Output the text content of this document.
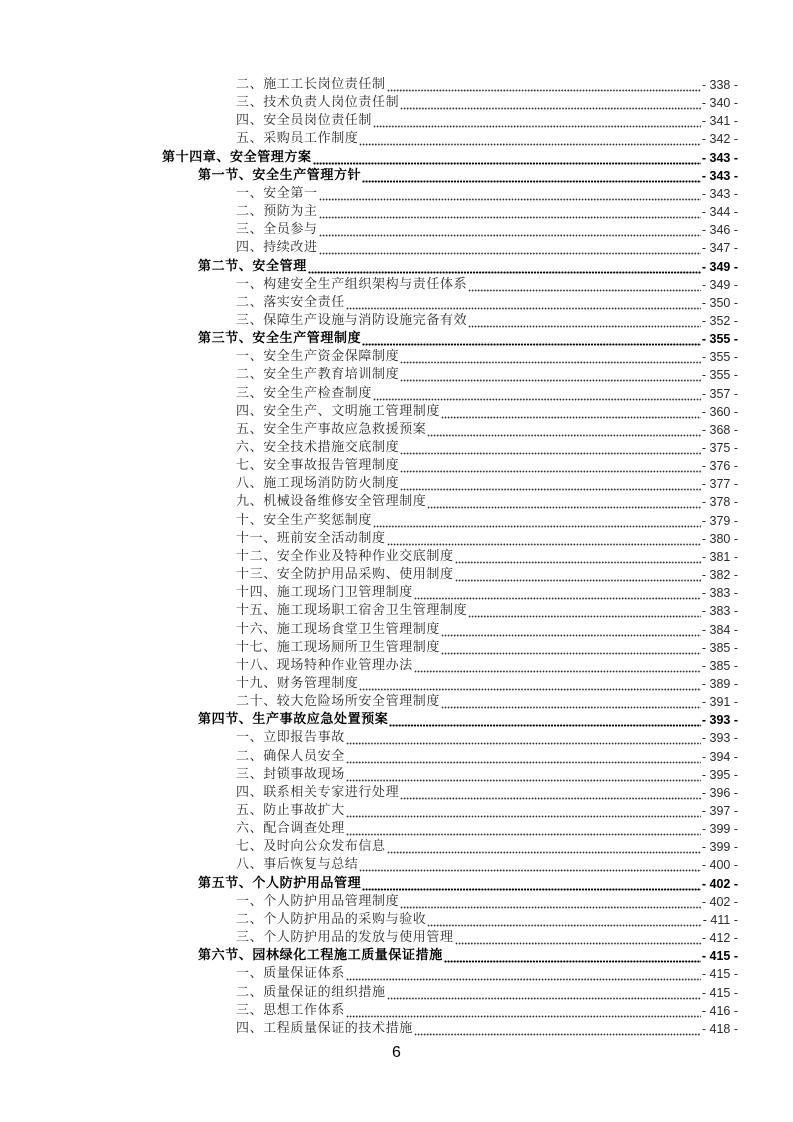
二、施工工长岗位责任制	- 338 -
三、技术负责人岗位责任制	- 340 -
四、安全员岗位责任制	- 341 -
五、采购员工作制度	- 342 -
第十四章、安全管理方案	- 343 -
第一节、安全生产管理方针	- 343 -
一、安全第一	- 343 -
二、预防为主	- 344 -
三、全员参与	- 346 -
四、持续改进	- 347 -
第二节、安全管理	- 349 -
一、构建安全生产组织架构与责任体系	- 349 -
二、落实安全责任	- 350 -
三、保障生产设施与消防设施完备有效	- 352 -
第三节、安全生产管理制度	- 355 -
一、安全生产资金保障制度	- 355 -
二、安全生产教育培训制度	- 355 -
三、安全生产检查制度	- 357 -
四、安全生产、文明施工管理制度	- 360 -
五、安全生产事故应急救援预案	- 368 -
六、安全技术措施交底制度	- 375 -
七、安全事故报告管理制度	- 376 -
八、施工现场消防防火制度	- 377 -
九、机械设备维修安全管理制度	- 378 -
十、安全生产奖惩制度	- 379 -
十一、班前安全活动制度	- 380 -
十二、安全作业及特种作业交底制度	- 381 -
十三、安全防护用品采购、使用制度	- 382 -
十四、施工现场门卫管理制度	- 383 -
十五、施工现场职工宿舍卫生管理制度	- 383 -
十六、施工现场食堂卫生管理制度	- 384 -
十七、施工现场厕所卫生管理制度	- 385 -
十八、现场特种作业管理办法	- 385 -
十九、财务管理制度	- 389 -
二十、较大危险场所安全管理制度	- 391 -
第四节、生产事故应急处置预案	- 393 -
一、立即报告事故	- 393 -
二、确保人员安全	- 394 -
三、封锁事故现场	- 395 -
四、联系相关专家进行处理	- 396 -
五、防止事故扩大	- 397 -
六、配合调查处理	- 399 -
七、及时向公众发布信息	- 399 -
八、事后恢复与总结	- 400 -
第五节、个人防护用品管理	- 402 -
一、个人防护用品管理制度	- 402 -
二、个人防护用品的采购与验收	- 411 -
三、个人防护用品的发放与使用管理	- 412 -
第六节、园林绿化工程施工质量保证措施	- 415 -
一、质量保证体系	- 415 -
二、质量保证的组织措施	- 415 -
三、思想工作体系	- 416 -
四、工程质量保证的技术措施	- 418 -
6
